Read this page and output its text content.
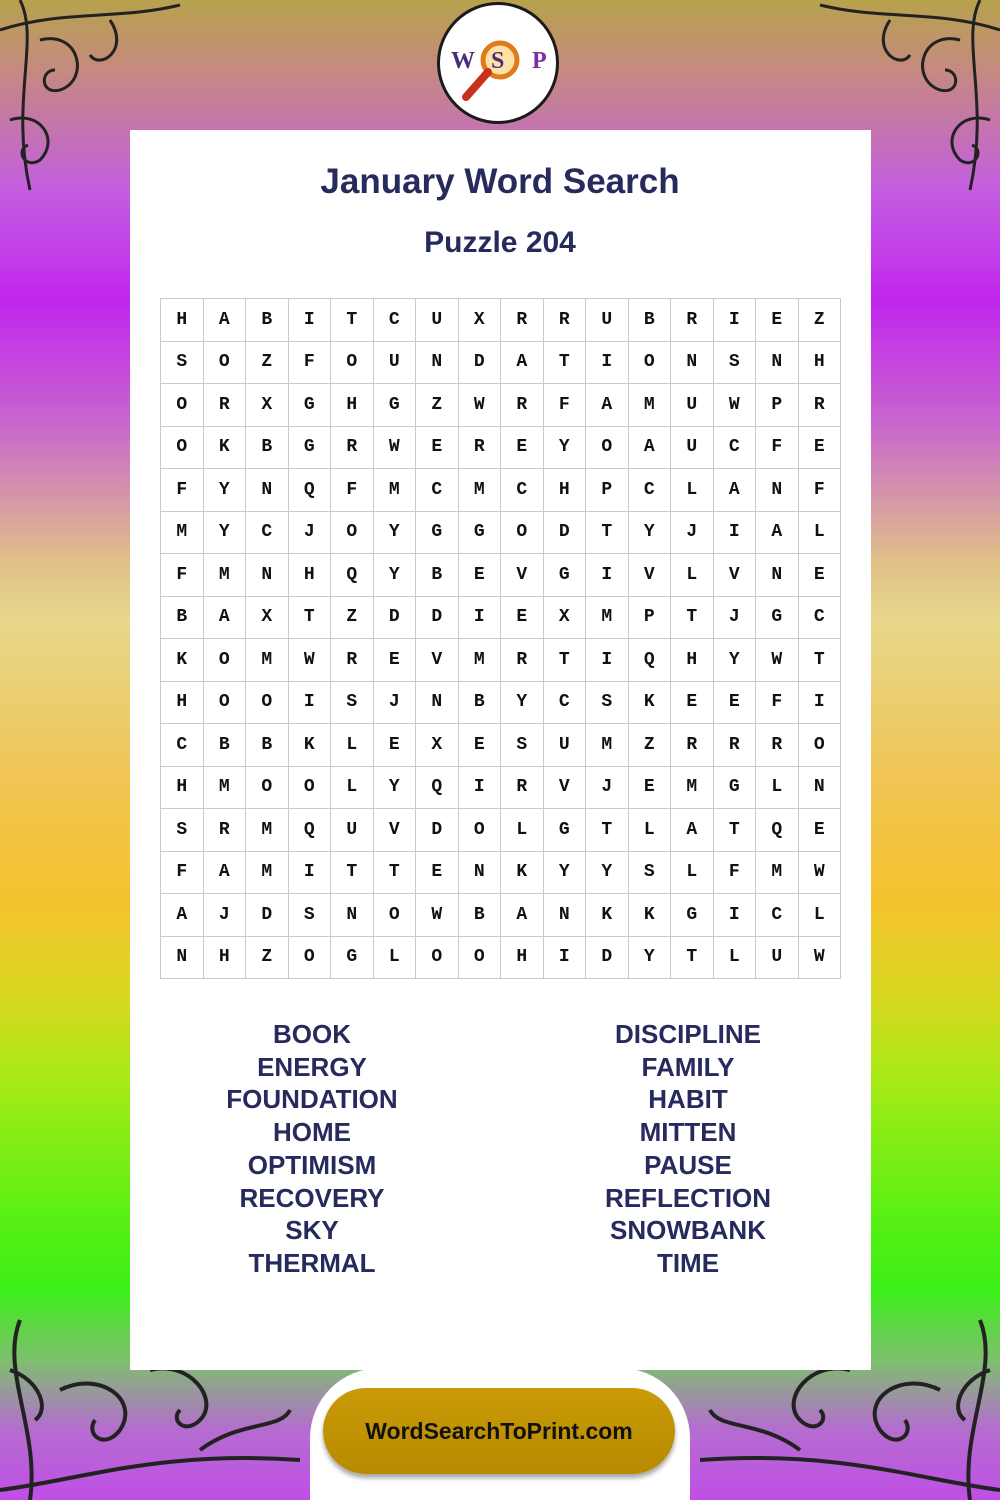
W S P
January Word Search
Puzzle 204
H	A	B	I	T	C	U	X	R	R	U	B	R	I	E	Z
S	O	Z	F	O	U	N	D	A	T	I	O	N	S	N	H
O	R	X	G	H	G	Z	W	R	F	A	M	U	W	P	R
O	K	B	G	R	W	E	R	E	Y	O	A	U	C	F	E
F	Y	N	Q	F	M	C	M	C	H	P	C	L	A	N	F
M	Y	C	J	O	Y	G	G	O	D	T	Y	J	I	A	L
F	M	N	H	Q	Y	B	E	V	G	I	V	L	V	N	E
B	A	X	T	Z	D	D	I	E	X	M	P	T	J	G	C
K	O	M	W	R	E	V	M	R	T	I	Q	H	Y	W	T
H	O	O	I	S	J	N	B	Y	C	S	K	E	E	F	I
C	B	B	K	L	E	X	E	S	U	M	Z	R	R	R	O
H	M	O	O	L	Y	Q	I	R	V	J	E	M	G	L	N
S	R	M	Q	U	V	D	O	L	G	T	L	A	T	Q	E
F	A	M	I	T	T	E	N	K	Y	Y	S	L	F	M	W
A	J	D	S	N	O	W	B	A	N	K	K	G	I	C	L
N	H	Z	O	G	L	O	O	H	I	D	Y	T	L	U	W
BOOK
ENERGY
FOUNDATION
HOME
OPTIMISM
RECOVERY
SKY
THERMAL
DISCIPLINE
FAMILY
HABIT
MITTEN
PAUSE
REFLECTION
SNOWBANK
TIME
WordSearchToPrint.com
